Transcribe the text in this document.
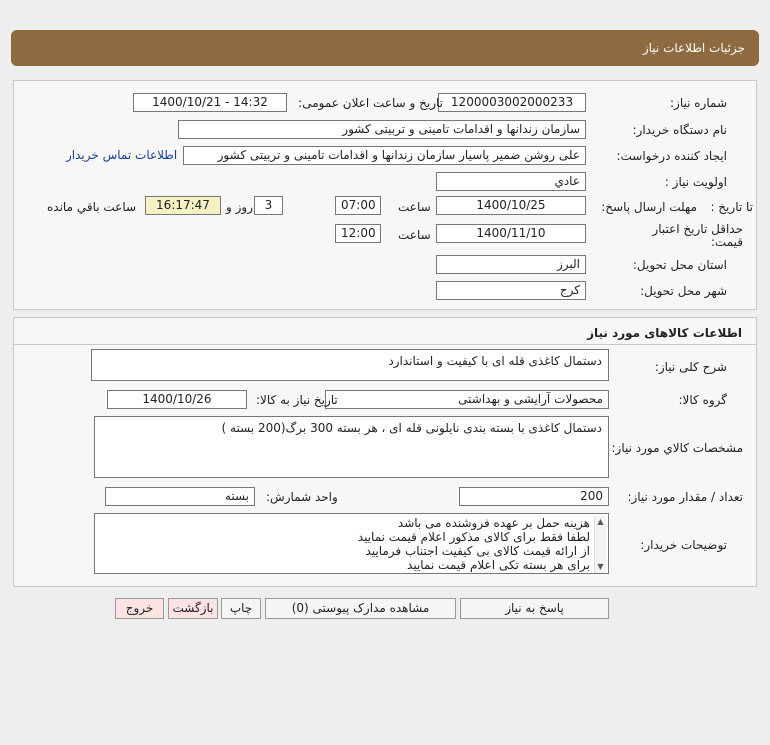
جزئیات اطلاعات نیاز
شماره نیاز:
1200003002000233
تاریخ و ساعت اعلان عمومی:
1400/10/21 - 14:32
نام دستگاه خریدار:
سازمان زندانها و اقدامات تامینی و تربیتی کشور
ایجاد کننده درخواست:
علی روشن ضمیر پاسیار سازمان زندانها و اقدامات تامینی و تربیتی کشور
اطلاعات تماس خریدار
اولویت نیاز :
عادي
مهلت ارسال پاسخ: تا تاریخ :
1400/10/25
ساعت
07:00
3
روز و
16:17:47
ساعت باقي مانده
حداقل تاریخ اعتبار قیمت:
1400/11/10
ساعت
12:00
استان محل تحویل:
البرز
شهر محل تحویل:
کرج
اطلاعات کالاهای مورد نیاز
شرح کلی نیاز:
دستمال کاغذی قله ای با کیفیت و استاندارد
گروه کالا:
محصولات آرایشی و بهداشتی
تاریخ نیاز به کالا:
1400/10/26
مشخصات کالاي مورد نیاز:
دستمال کاغذی با بسته بندی نایلونی قله ای ، هر بسته 300 برگ(200 بسته )
تعداد / مقدار مورد نیاز:
200
واحد شمارش:
بسته
توضیحات خریدار:
▲
▼
هزینه حمل بر عهده فروشنده می باشد
لطفا فقط برای کالای مذکور اعلام قیمت نمایید
از ارائه قیمت کالای بی کیفیت اجتناب فرمایید
برای هر بسته تکی اعلام قیمت نمایید
پاسخ به نیاز
مشاهده مدارک پیوستی (0)
چاپ
بازگشت
خروج
